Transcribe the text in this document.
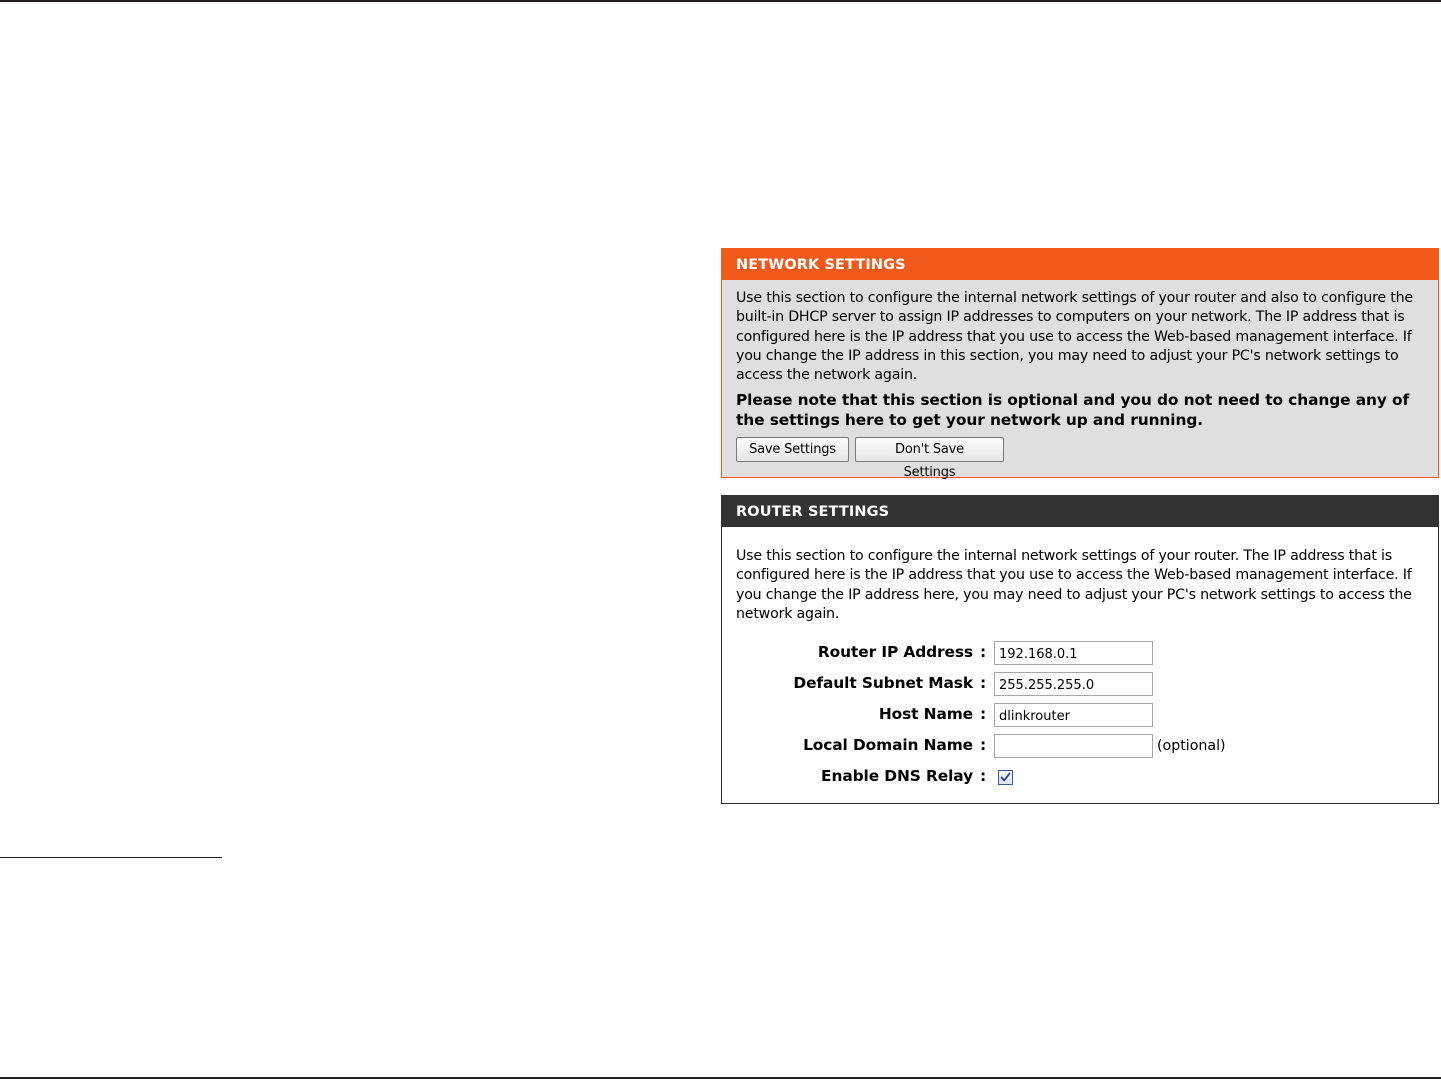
NETWORK SETTINGS

Use this section to configure the internal network settings of your router and also to configure the built-in DHCP server to assign IP addresses to computers on your network. The IP address that is configured here is the IP address that you use to access the Web-based management interface. If you change the IP address in this section, you may need to adjust your PC's network settings to access the network again.

Please note that this section is optional and you do not need to change any of the settings here to get your network up and running.

Save Settings	Don't Save Settings
ROUTER SETTINGS

Use this section to configure the internal network settings of your router. The IP address that is configured here is the IP address that you use to access the Web-based management interface. If you change the IP address here, you may need to adjust your PC's network settings to access the network again.

Router IP Address :
192.168.0.1
Default Subnet Mask :
255.255.255.0
Host Name :
dlinkrouter
Local Domain Name :	(optional)
Enable DNS Relay :
